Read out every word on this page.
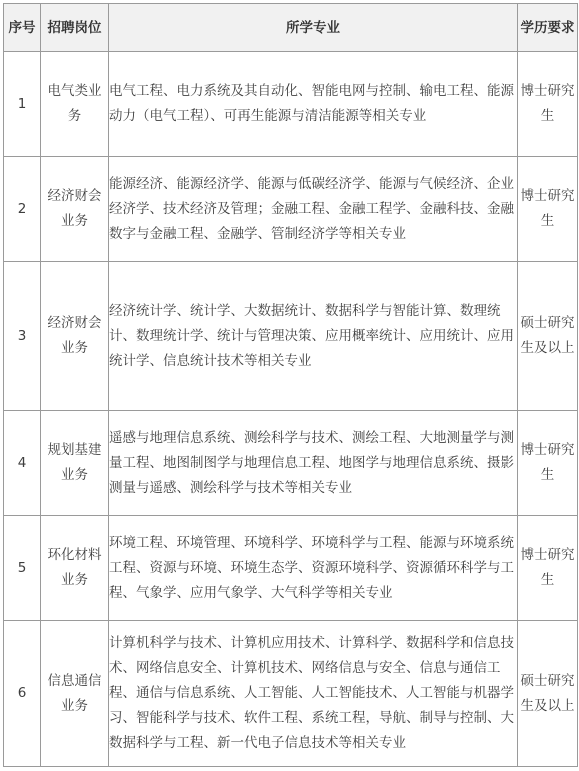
序号	招聘岗位	所学专业	学历要求
1	电气类业务	电气工程、电力系统及其自动化、智能电网与控制、输电工程、能源动力（电气工程）、可再生能源与清洁能源等相关专业	博士研究生
2	经济财会业务	能源经济、能源经济学、能源与低碳经济学、能源与气候经济、企业经济学、技术经济及管理；金融工程、金融工程学、金融科技、金融数字与金融工程、金融学、管制经济学等相关专业	博士研究生
3	经济财会业务	经济统计学、统计学、大数据统计、数据科学与智能计算、数理统计、数理统计学、统计与管理决策、应用概率统计、应用统计、应用统计学、信息统计技术等相关专业	硕士研究生及以上
4	规划基建业务	遥感与地理信息系统、测绘科学与技术、测绘工程、大地测量学与测量工程、地图制图学与地理信息工程、地图学与地理信息系统、摄影测量与遥感、测绘科学与技术等相关专业	博士研究生
5	环化材料业务	环境工程、环境管理、环境科学、环境科学与工程、能源与环境系统工程、资源与环境、环境生态学、资源环境科学、资源循环科学与工程、气象学、应用气象学、大气科学等相关专业	博士研究生
6	信息通信业务	计算机科学与技术、计算机应用技术、计算科学、数据科学和信息技术、网络信息安全、计算机技术、网络信息与安全、信息与通信工程、通信与信息系统、人工智能、人工智能技术、人工智能与机器学习、智能科学与技术、软件工程、系统工程，导航、制导与控制、大数据科学与工程、新一代电子信息技术等相关专业	硕士研究生及以上
